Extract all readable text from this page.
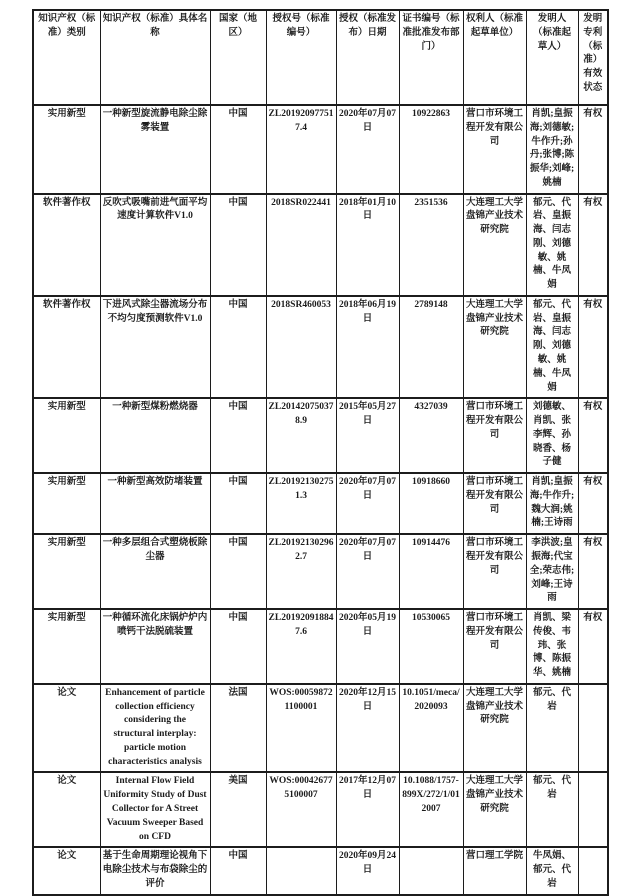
知识产权（标准）类别	知识产权（标准）具体名称	国家（地区）	授权号（标准编号）	授权（标准发布）日期	证书编号（标准批准发布部门）	权利人（标准起草单位）	发明人（标准起草人）	发明专利（标准）有效状态
实用新型	一种新型旋流静电除尘除雾装置	中国	ZL201920977517.4	2020年07月07日	10922863	营口市环境工程开发有限公司	肖凯;皇振海;刘德敏;牛作升;孙丹;张博;陈振华;刘峰;姚楠	有权
软件著作权	反吹式吸嘴前进气面平均速度计算软件V1.0	中国	2018SR022441	2018年01月10日	2351536	大连理工大学盘锦产业技术研究院	郁元、代岩、皇振海、闫志刚、刘德敏、姚楠、牛凤娟	有权
软件著作权	下进风式除尘器流场分布不均匀度预测软件V1.0	中国	2018SR460053	2018年06月19日	2789148	大连理工大学盘锦产业技术研究院	郁元、代岩、皇振海、闫志刚、刘德敏、姚楠、牛凤娟	有权
实用新型	一种新型煤粉燃烧器	中国	ZL201420750378.9	2015年05月27日	4327039	营口市环境工程开发有限公司	刘德敏、肖凯、张李辉、孙晓香、杨子健	有权
实用新型	一种新型高效防堵装置	中国	ZL201921302751.3	2020年07月07日	10918660	营口市环境工程开发有限公司	肖凯;皇振海;牛作升;魏大润;姚楠;王诗雨	有权
实用新型	一种多层组合式塑烧板除尘器	中国	ZL201921302962.7	2020年07月07日	10914476	营口市环境工程开发有限公司	李洪波;皇振海;代宝全;荣志伟;刘峰;王诗雨	有权
实用新型	一种循环流化床锅炉炉内喷钙干法脱硫装置	中国	ZL201920918847.6	2020年05月19日	10530065	营口市环境工程开发有限公司	肖凯、梁传俊、韦玮、张博、陈振华、姚楠	有权
论文	Enhancement of particle collection efficiency considering the structural interplay: particle motion characteristics analysis	法国	WOS:000598721100001	2020年12月15日	10.1051/meca/2020093	大连理工大学盘锦产业技术研究院	郁元、代岩	
论文	Internal Flow Field Uniformity Study of Dust Collector for A Street Vacuum Sweeper Based on CFD	美国	WOS:000426775100007	2017年12月07日	10.1088/1757-899X/272/1/012007	大连理工大学盘锦产业技术研究院	郁元、代岩	
论文	基于生命周期理论视角下电除尘技术与布袋除尘的评价	中国		2020年09月24日		营口理工学院	牛凤娟、郁元、代岩	
